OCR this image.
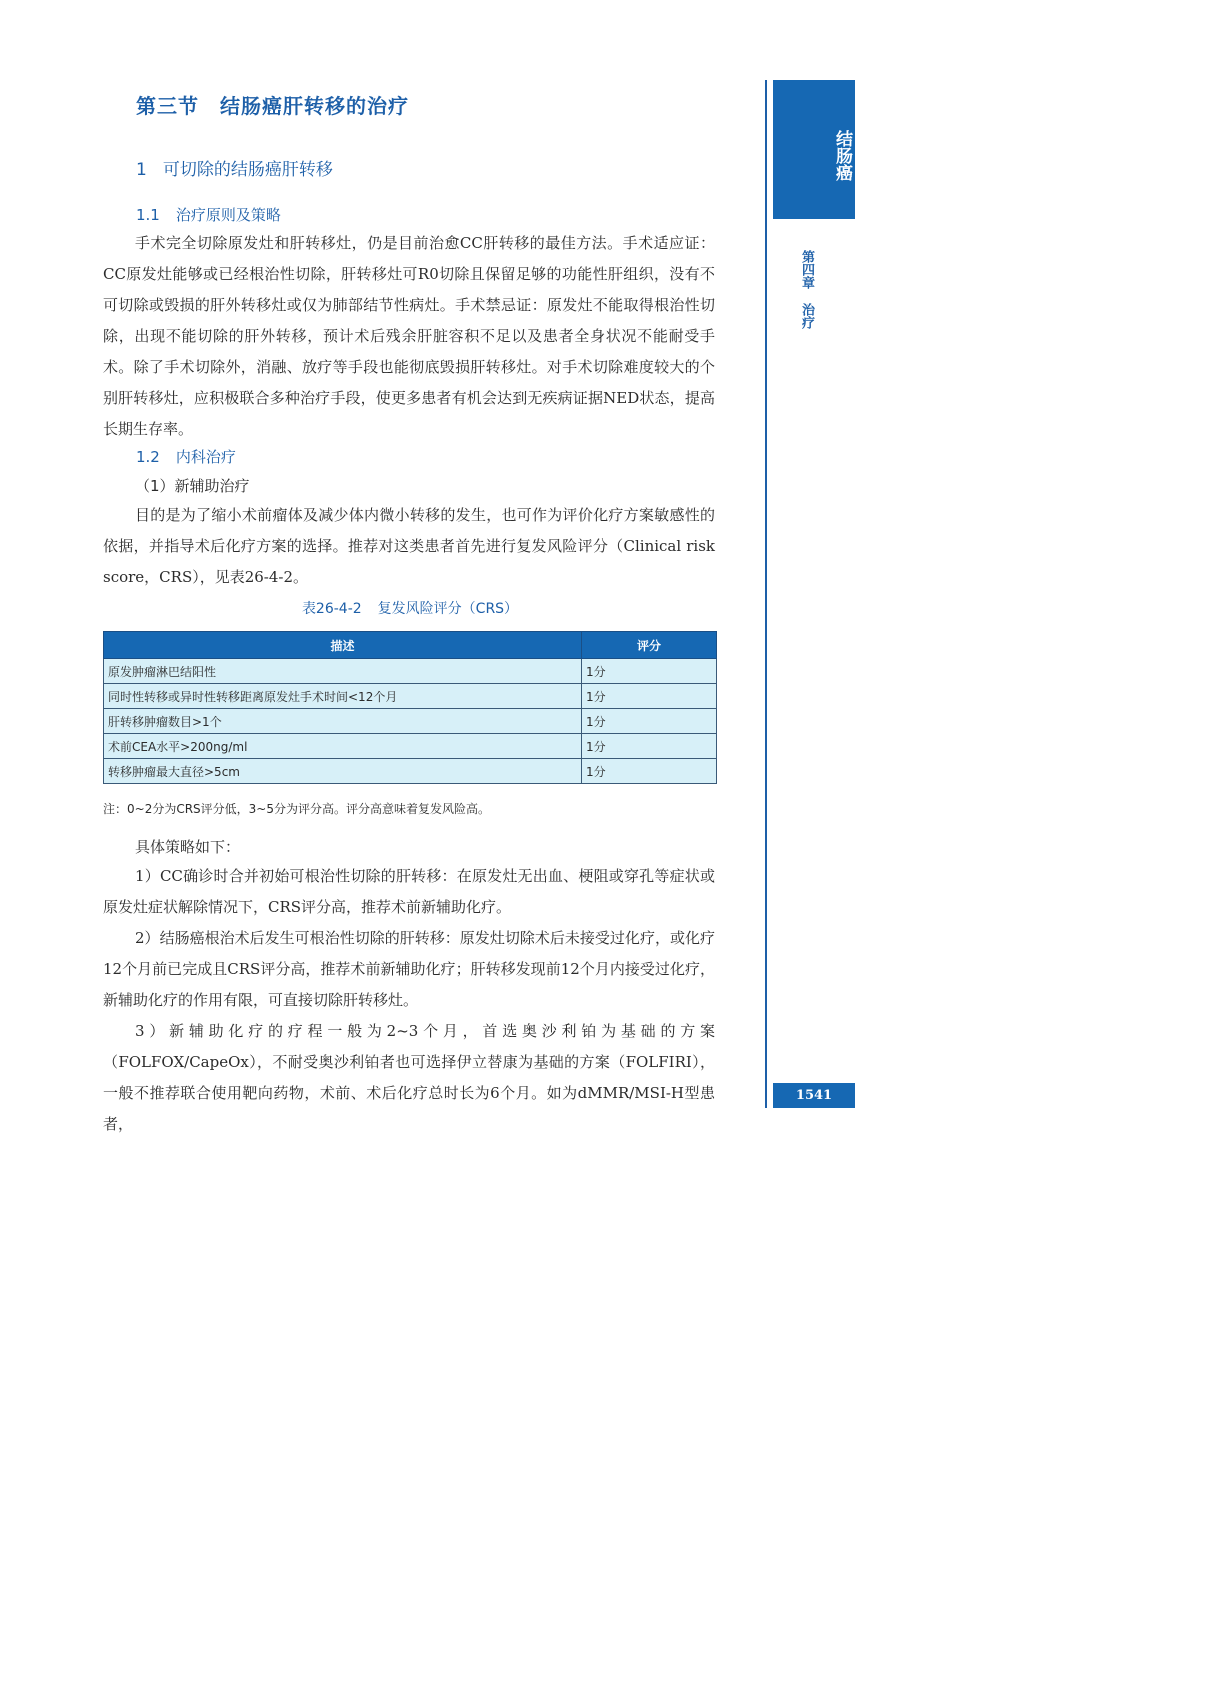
第三节　结肠癌肝转移的治疗
1 可切除的结肠癌肝转移
1.1 治疗原则及策略

手术完全切除原发灶和肝转移灶，仍是目前治愈CC肝转移的最佳方法。手术适应证：CC原发灶能够或已经根治性切除，肝转移灶可R0切除且保留足够的功能性肝组织，没有不可切除或毁损的肝外转移灶或仅为肺部结节性病灶。手术禁忌证：原发灶不能取得根治性切除，出现不能切除的肝外转移，预计术后残余肝脏容积不足以及患者全身状况不能耐受手术。除了手术切除外，消融、放疗等手段也能彻底毁损肝转移灶。对手术切除难度较大的个别肝转移灶，应积极联合多种治疗手段，使更多患者有机会达到无疾病证据NED状态，提高长期生存率。

1.2 内科治疗
（1）新辅助治疗

目的是为了缩小术前瘤体及减少体内微小转移的发生，也可作为评价化疗方案敏感性的依据，并指导术后化疗方案的选择。推荐对这类患者首先进行复发风险评分（Clinical risk score，CRS），见表26-4-2。

表26-4-2 复发风险评分（CRS）
描述	评分
原发肿瘤淋巴结阳性	1分
同时性转移或异时性转移距离原发灶手术时间<12个月	1分
肝转移肿瘤数目>1个	1分
术前CEA水平>200ng/ml	1分
转移肿瘤最大直径>5cm	1分
注：0~2分为CRS评分低，3~5分为评分高。评分高意味着复发风险高。
具体策略如下：

1）CC确诊时合并初始可根治性切除的肝转移：在原发灶无出血、梗阻或穿孔等症状或原发灶症状解除情况下，CRS评分高，推荐术前新辅助化疗。

2）结肠癌根治术后发生可根治性切除的肝转移：原发灶切除术后未接受过化疗，或化疗12个月前已完成且CRS评分高，推荐术前新辅助化疗；肝转移发现前12个月内接受过化疗，新辅助化疗的作用有限，可直接切除肝转移灶。

3）新辅助化疗的疗程一般为2~3个月，首选奥沙利铂为基础的方案（FOLFOX/CapeOx），不耐受奥沙利铂者也可选择伊立替康为基础的方案（FOLFIRI），一般不推荐联合使用靶向药物，术前、术后化疗总时长为6个月。如为dMMR/MSI-H型患者，

结肠癌
第四章治疗
1541
